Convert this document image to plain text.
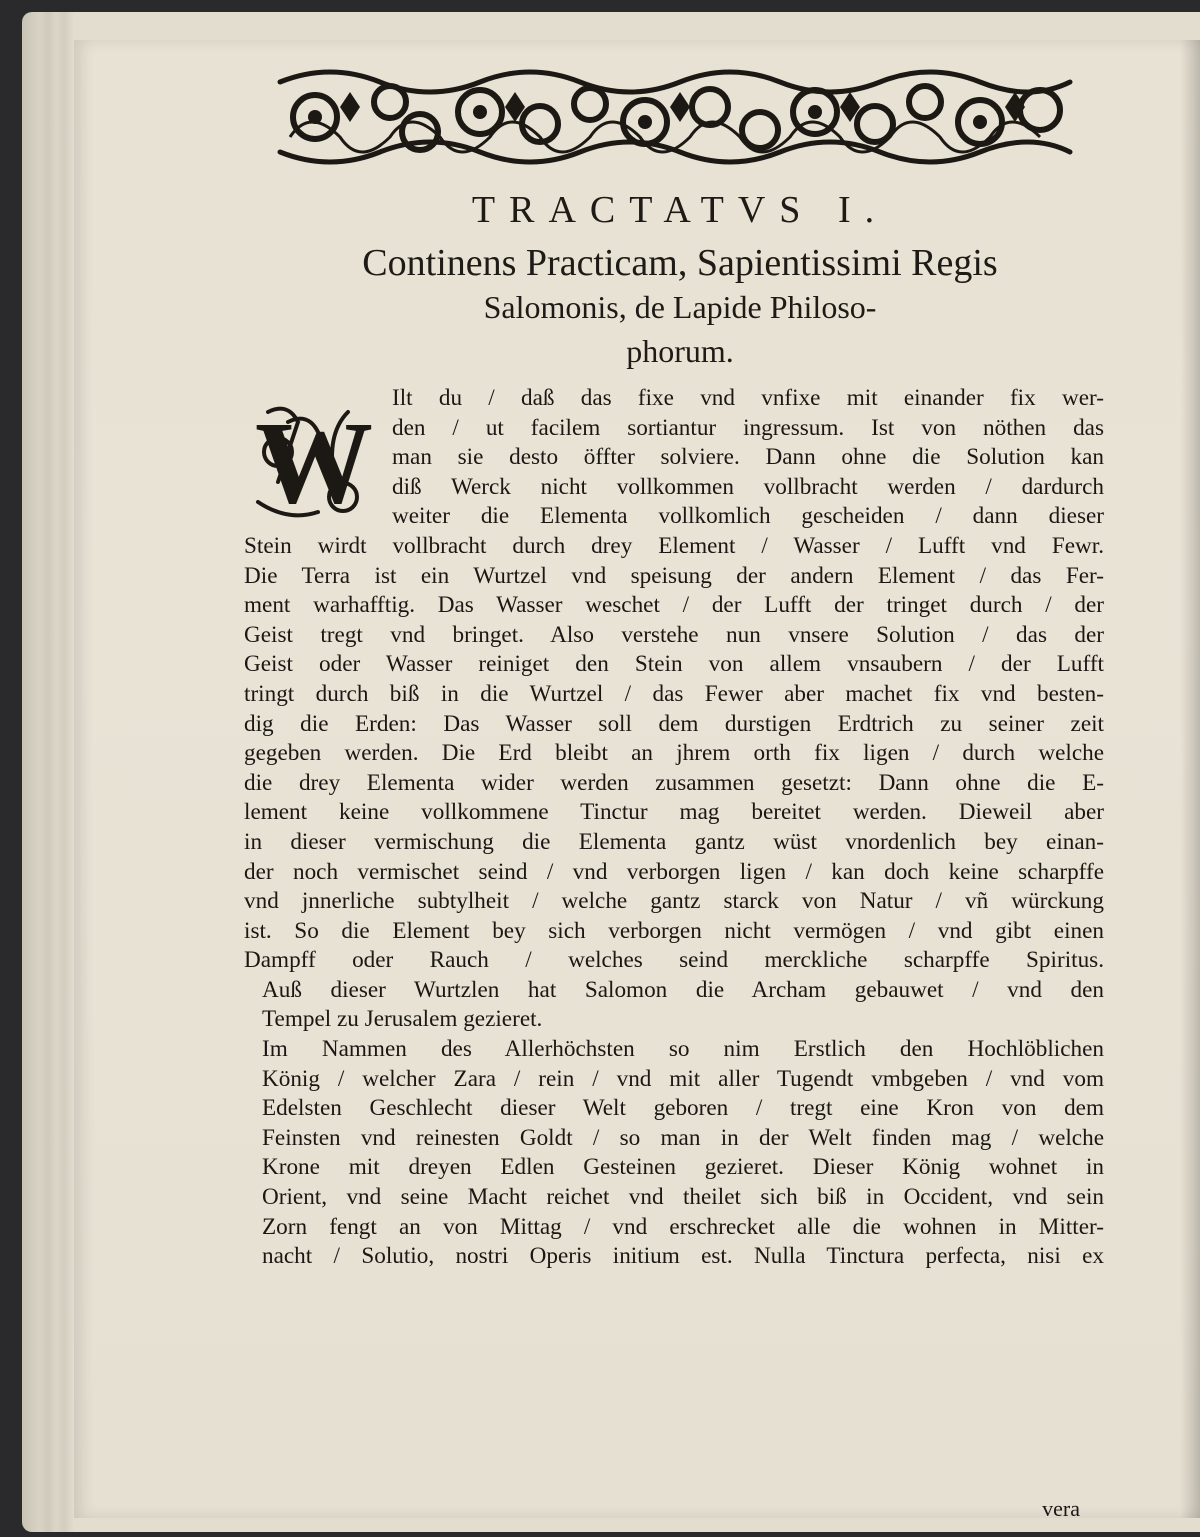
TRACTATVS I.
Continens Practicam, Sapientissimi Regis
Salomonis, de Lapide Philoso-
phorum.
W Ilt du / daß das fixe vnd vnfixe mit einander fix wer-
den / ut facilem sortiantur ingressum. Ist von nöthen das
man sie desto öffter solviere. Dann ohne die Solution kan
diß Werck nicht vollkommen vollbracht werden / dardurch
weiter die Elementa vollkomlich gescheiden / dann dieser
Stein wirdt vollbracht durch drey Element / Wasser / Lufft vnd Fewr.
Die Terra ist ein Wurtzel vnd speisung der andern Element / das Fer-
ment warhafftig. Das Wasser weschet / der Lufft der tringet durch / der
Geist tregt vnd bringet. Also verstehe nun vnsere Solution / das der
Geist oder Wasser reiniget den Stein von allem vnsaubern / der Lufft
tringt durch biß in die Wurtzel / das Fewer aber machet fix vnd besten-
dig die Erden: Das Wasser soll dem durstigen Erdtrich zu seiner zeit
gegeben werden. Die Erd bleibt an jhrem orth fix ligen / durch welche
die drey Elementa wider werden zusammen gesetzt: Dann ohne die E-
lement keine vollkommene Tinctur mag bereitet werden. Dieweil aber
in dieser vermischung die Elementa gantz wüst vnordenlich bey einan-
der noch vermischet seind / vnd verborgen ligen / kan doch keine scharpffe
vnd jnnerliche subtylheit / welche gantz starck von Natur / vñ würckung
ist. So die Element bey sich verborgen nicht vermögen / vnd gibt einen
Dampff oder Rauch / welches seind merckliche scharpffe Spiritus.

Auß dieser Wurtzlen hat Salomon die Archam gebauwet / vnd den
Tempel zu Jerusalem gezieret.

Im Nammen des Allerhöchsten so nim Erstlich den Hochlöblichen
König / welcher Zara / rein / vnd mit aller Tugendt vmbgeben / vnd vom
Edelsten Geschlecht dieser Welt geboren / tregt eine Kron von dem
Feinsten vnd reinesten Goldt / so man in der Welt finden mag / welche
Krone mit dreyen Edlen Gesteinen gezieret. Dieser König wohnet in
Orient, vnd seine Macht reichet vnd theilet sich biß in Occident, vnd sein
Zorn fengt an von Mittag / vnd erschrecket alle die wohnen in Mitter-
nacht / Solutio, nostri Operis initium est. Nulla Tinctura perfecta, nisi ex

vera
